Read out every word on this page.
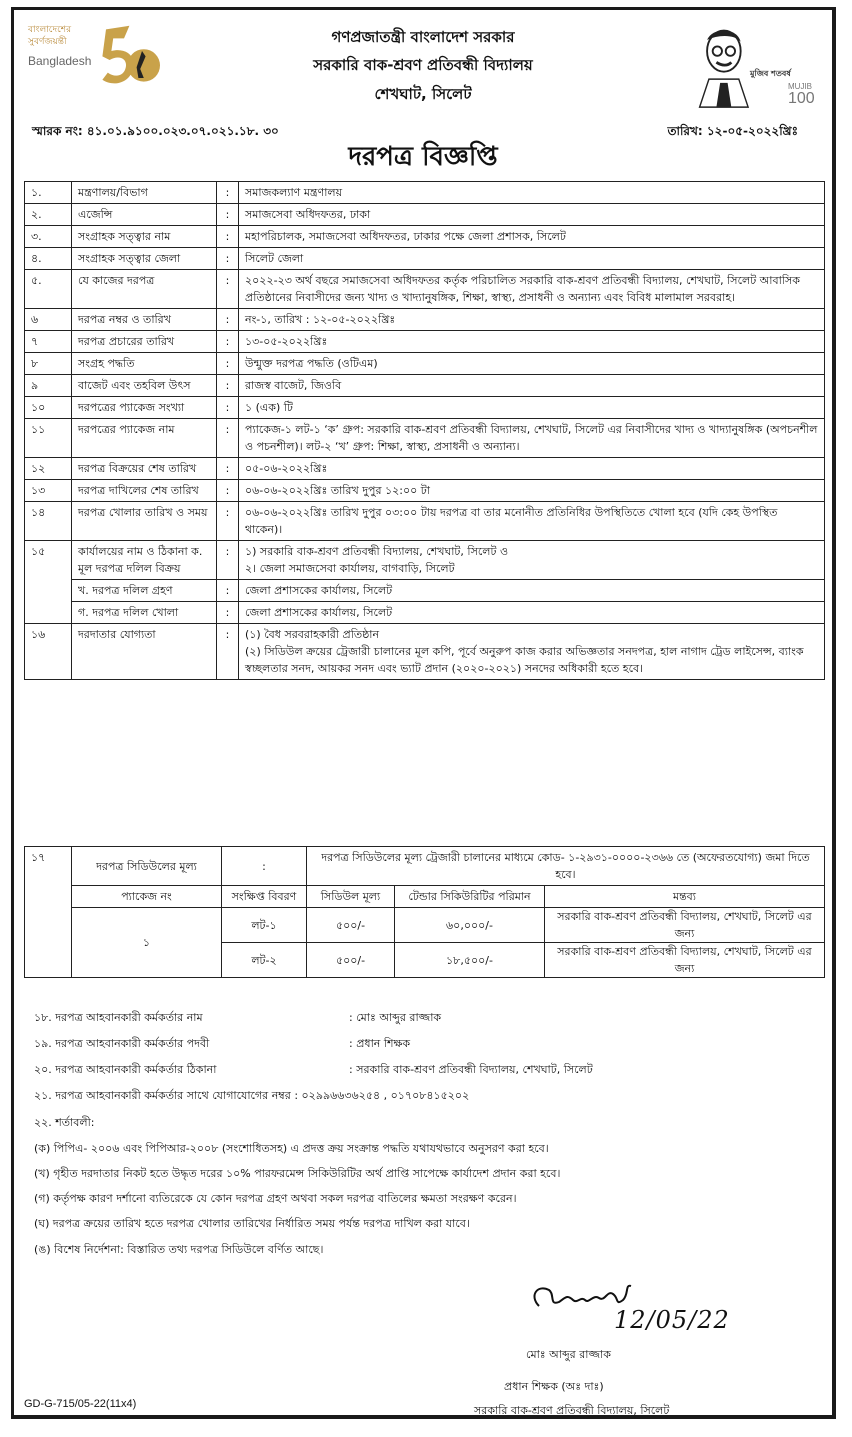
বাংলাদেশের সুবর্ণজয়ন্তী
Bangladesh
গণপ্রজাতন্ত্রী বাংলাদেশ সরকার
সরকারি বাক-শ্রবণ প্রতিবন্ধী বিদ্যালয়
শেখঘাট, সিলেট
মুজিব শতবর্ষ
MUJIB
100
স্মারক নং: ৪১.০১.৯১০০.০২৩.০৭.০২১.১৮. ৩০	তারিখ: ১২-০৫-২০২২খ্রিঃ
দরপত্র বিজ্ঞপ্তি
১.	মন্ত্রণালয়/বিভাগ	:	সমাজকল্যাণ মন্ত্রণালয়
২.	এজেন্সি	:	সমাজসেবা অধিদফতর, ঢাকা
৩.	সংগ্রাহক সত্ত্বার নাম	:	মহাপরিচালক, সমাজসেবা অধিদফতর, ঢাকার পক্ষে জেলা প্রশাসক, সিলেট
৪.	সংগ্রাহক সত্ত্বার জেলা	:	সিলেট জেলা
৫.	যে কাজের দরপত্র	:	২০২২-২৩ অর্থ বছরে সমাজসেবা অধিদফতর কর্তৃক পরিচালিত সরকারি বাক-শ্রবণ প্রতিবন্ধী বিদ্যালয়, শেখঘাট, সিলেট আবাসিক প্রতিষ্ঠানের নিবাসীদের জন্য খাদ্য ও খাদ্যানুষঙ্গিক, শিক্ষা, স্বাস্থ্য, প্রসাধনী ও অন্যান্য এবং বিবিধ মালামাল সরবরাহ।
৬	দরপত্র নম্বর ও তারিখ	:	নং-১, তারিখ : ১২-০৫-২০২২খ্রিঃ
৭	দরপত্র প্রচারের তারিখ	:	১৩-০৫-২০২২খ্রিঃ
৮	সংগ্রহ পদ্ধতি	:	উন্মুক্ত দরপত্র পদ্ধতি (ওটিএম)
৯	বাজেট এবং তহবিল উৎস	:	রাজস্ব বাজেট, জিওবি
১০	দরপত্রের প্যাকেজ সংখ্যা	:	১ (এক) টি
১১	দরপত্রের প্যাকেজ নাম	:	প্যাকেজ-১ লট-১ ‘ক’ গ্রুপ: সরকারি বাক-শ্রবণ প্রতিবন্ধী বিদ্যালয়, শেখঘাট, সিলেট এর নিবাসীদের খাদ্য ও খাদ্যানুষঙ্গিক (অপচনশীল ও পচনশীল)। লট-২ ‘খ’ গ্রুপ: শিক্ষা, স্বাস্থ্য, প্রসাধনী ও অন্যান্য।
১২	দরপত্র বিক্রয়ের শেষ তারিখ	:	০৫-০৬-২০২২খ্রিঃ
১৩	দরপত্র দাখিলের শেষ তারিখ	:	০৬-০৬-২০২২খ্রিঃ তারিখ দুপুর ১২:০০ টা
১৪	দরপত্র খোলার তারিখ ও সময়	:	০৬-০৬-২০২২খ্রিঃ তারিখ দুপুর ০৩:০০ টায় দরপত্র বা তার মনোনীত প্রতিনিধির উপস্থিতিতে খোলা হবে (যদি কেহ উপস্থিত থাকেন)।
১৫	কার্যালয়ের নাম ও ঠিকানা ক. মূল দরপত্র দলিল বিক্রয়	:	১) সরকারি বাক-শ্রবণ প্রতিবন্ধী বিদ্যালয়, শেখঘাট, সিলেট ও
২। জেলা সমাজসেবা কার্যালয়, বাগবাড়ি, সিলেট

	খ. দরপত্র দলিল গ্রহণ	:	জেলা প্রশাসকের কার্যালয়, সিলেট
	গ. দরপত্র দলিল খোলা	:	জেলা প্রশাসকের কার্যালয়, সিলেট
১৬	দরদাতার যোগ্যতা	:	(১) বৈধ সরবরাহকারী প্রতিষ্ঠান
(২) সিডিউল ক্রয়ের ট্রেজারী চালানের মূল কপি, পূর্বে অনুরুপ কাজ করার অভিজ্ঞতার সনদপত্র, হাল নাগাদ ট্রেড লাইসেন্স, ব্যাংক স্বচ্ছলতার সনদ, আয়কর সনদ এবং ভ্যাট প্রদান (২০২০-২০২১) সনদের অধিকারী হতে হবে।
১৭	দরপত্র সিডিউলের মূল্য	:	দরপত্র সিডিউলের মূল্য ট্রেজারী চালানের মাধ্যমে কোড- ১-২৯৩১-০০০০-২৩৬৬ তে (অফেরতযোগ্য) জমা দিতে হবে।		
	প্যাকেজ নং	সংক্ষিপ্ত বিবরণ	সিডিউল মূল্য	টেন্ডার সিকিউরিটির পরিমান	মন্তব্য
	১	লট-১	৫০০/-	৬০,০০০/-	সরকারি বাক-শ্রবণ প্রতিবন্ধী বিদ্যালয়, শেখঘাট, সিলেট এর জন্য
		লট-২	৫০০/-	১৮,৫০০/-	সরকারি বাক-শ্রবণ প্রতিবন্ধী বিদ্যালয়, শেখঘাট, সিলেট এর জন্য
১৮. দরপত্র আহবানকারী কর্মকর্তার নাম	: মোঃ আব্দুর রাজ্জাক
১৯. দরপত্র আহবানকারী কর্মকর্তার পদবী	: প্রধান শিক্ষক
২০. দরপত্র আহবানকারী কর্মকর্তার ঠিকানা	: সরকারি বাক-শ্রবণ প্রতিবন্ধী বিদ্যালয়, শেখঘাট, সিলেট
২১. দরপত্র আহবানকারী কর্মকর্তার সাথে যোগাযোগের নম্বর : ০২৯৯৬৬৩৬২৫৪ , ০১৭০৮৪১৫২০২
২২. শর্তাবলী:
(ক) পিপিএ- ২০০৬ এবং পিপিআর-২০০৮ (সংশোধিতসহ) এ প্রদত্ত ক্রয় সংক্রান্ত পদ্ধতি যথাযথভাবে অনুসরণ করা হবে।
(খ) গৃহীত দরদাতার নিকট হতে উদ্ধৃত দরের ১০% পারফরমেন্স সিকিউরিটির অর্থ প্রাপ্তি সাপেক্ষে কার্যাদেশ প্রদান করা হবে।
(গ) কর্তৃপক্ষ কারণ দর্শানো ব্যতিরেকে যে কোন দরপত্র গ্রহণ অথবা সকল দরপত্র বাতিলের ক্ষমতা সংরক্ষণ করেন।
(ঘ) দরপত্র ক্রয়ের তারিখ হতে দরপত্র খোলার তারিখের নির্ধারিত সময় পর্যন্ত দরপত্র দাখিল করা যাবে।
(ঙ) বিশেষ নির্দেশনা: বিস্তারিত তথ্য দরপত্র সিডিউলে বর্ণিত আছে।
12/05/22
মোঃ আব্দুর রাজ্জাক
প্রধান শিক্ষক (অঃ দাঃ)
সরকারি বাক-শ্রবণ প্রতিবন্ধী বিদ্যালয়, সিলেট
GD-G-715/05-22(11x4)
